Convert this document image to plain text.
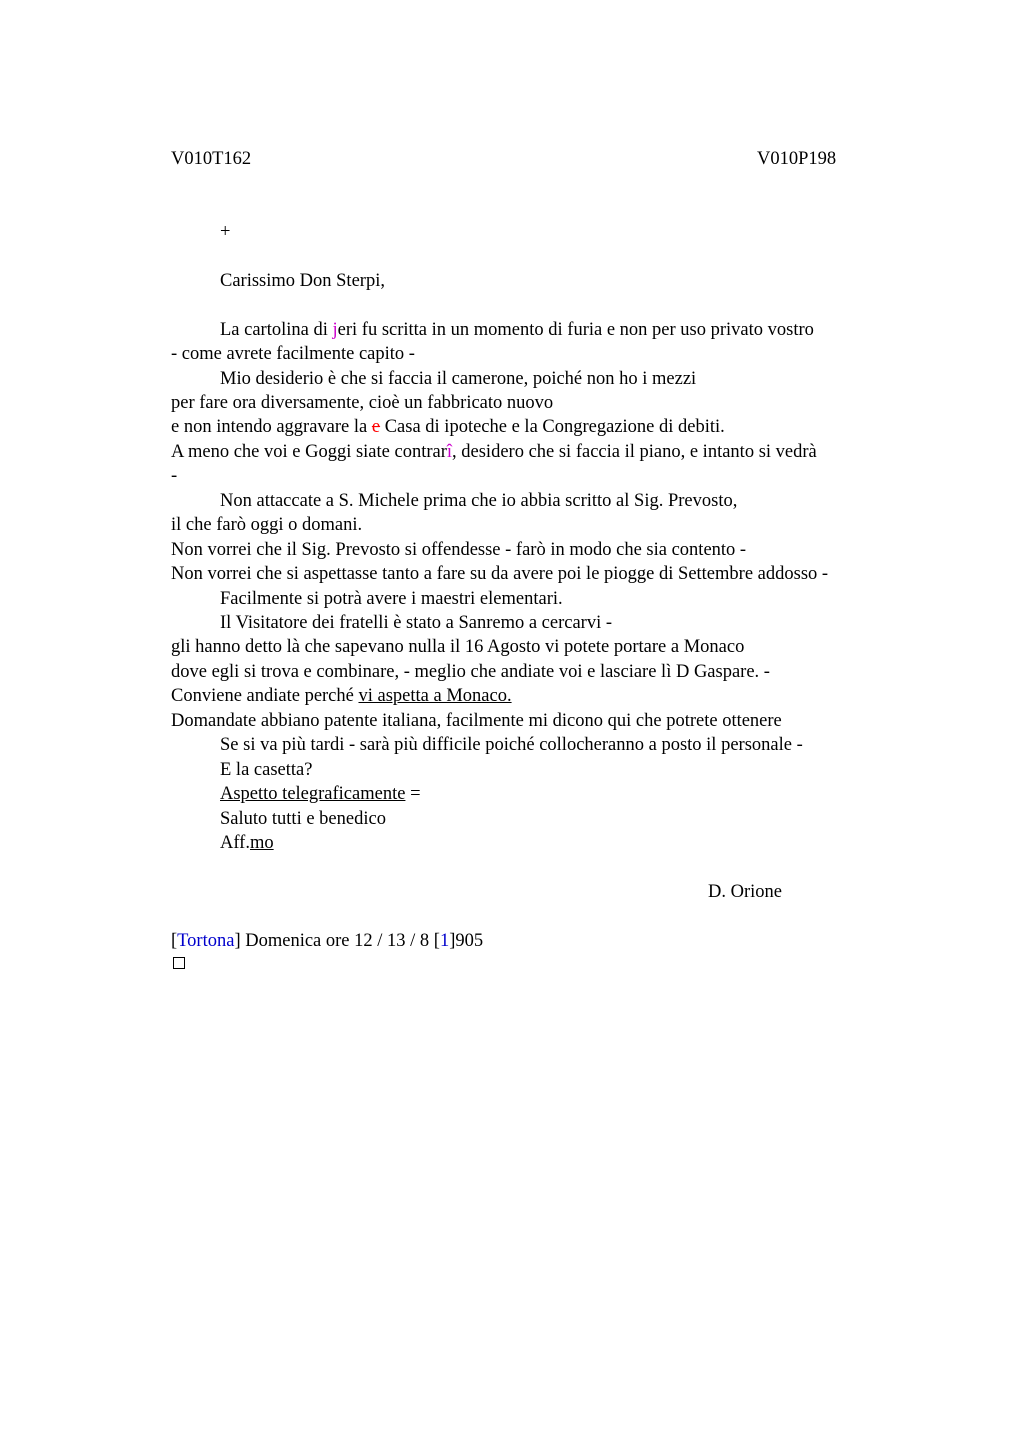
V010T162	V010P198
+
Carissimo Don Sterpi,
La cartolina di jeri fu scritta in un momento di furia e non per uso privato vostro
- come avrete facilmente capito -
Mio desiderio è che si faccia il camerone, poiché non ho i mezzi
per fare ora diversamente, cioè un fabbricato nuovo
e non intendo aggravare la e Casa di ipoteche e la Congregazione di debiti.
A meno che voi e Goggi siate contrarî, desidero che si faccia il piano, e intanto si vedrà
-
Non attaccate a S. Michele prima che io abbia scritto al Sig. Prevosto,
il che farò oggi o domani.
Non vorrei che il Sig. Prevosto si offendesse - farò in modo che sia contento -
Non vorrei che si aspettasse tanto a fare su da avere poi le piogge di Settembre addosso -
Facilmente si potrà avere i maestri elementari.
Il Visitatore dei fratelli è stato a Sanremo a cercarvi -
gli hanno detto là che sapevano nulla il 16 Agosto vi potete portare a Monaco
dove egli si trova e combinare, - meglio che andiate voi e lasciare lì D Gaspare. -
Conviene andiate perché vi aspetta a Monaco.
Domandate abbiano patente italiana, facilmente mi dicono qui che potrete ottenere
Se si va più tardi - sarà più difficile poiché collocheranno a posto il personale -
E la casetta?
Aspetto telegraficamente =
Saluto tutti e benedico
Aff.mo
D. Orione
[Tortona] Domenica ore 12 / 13 / 8 [1]905
